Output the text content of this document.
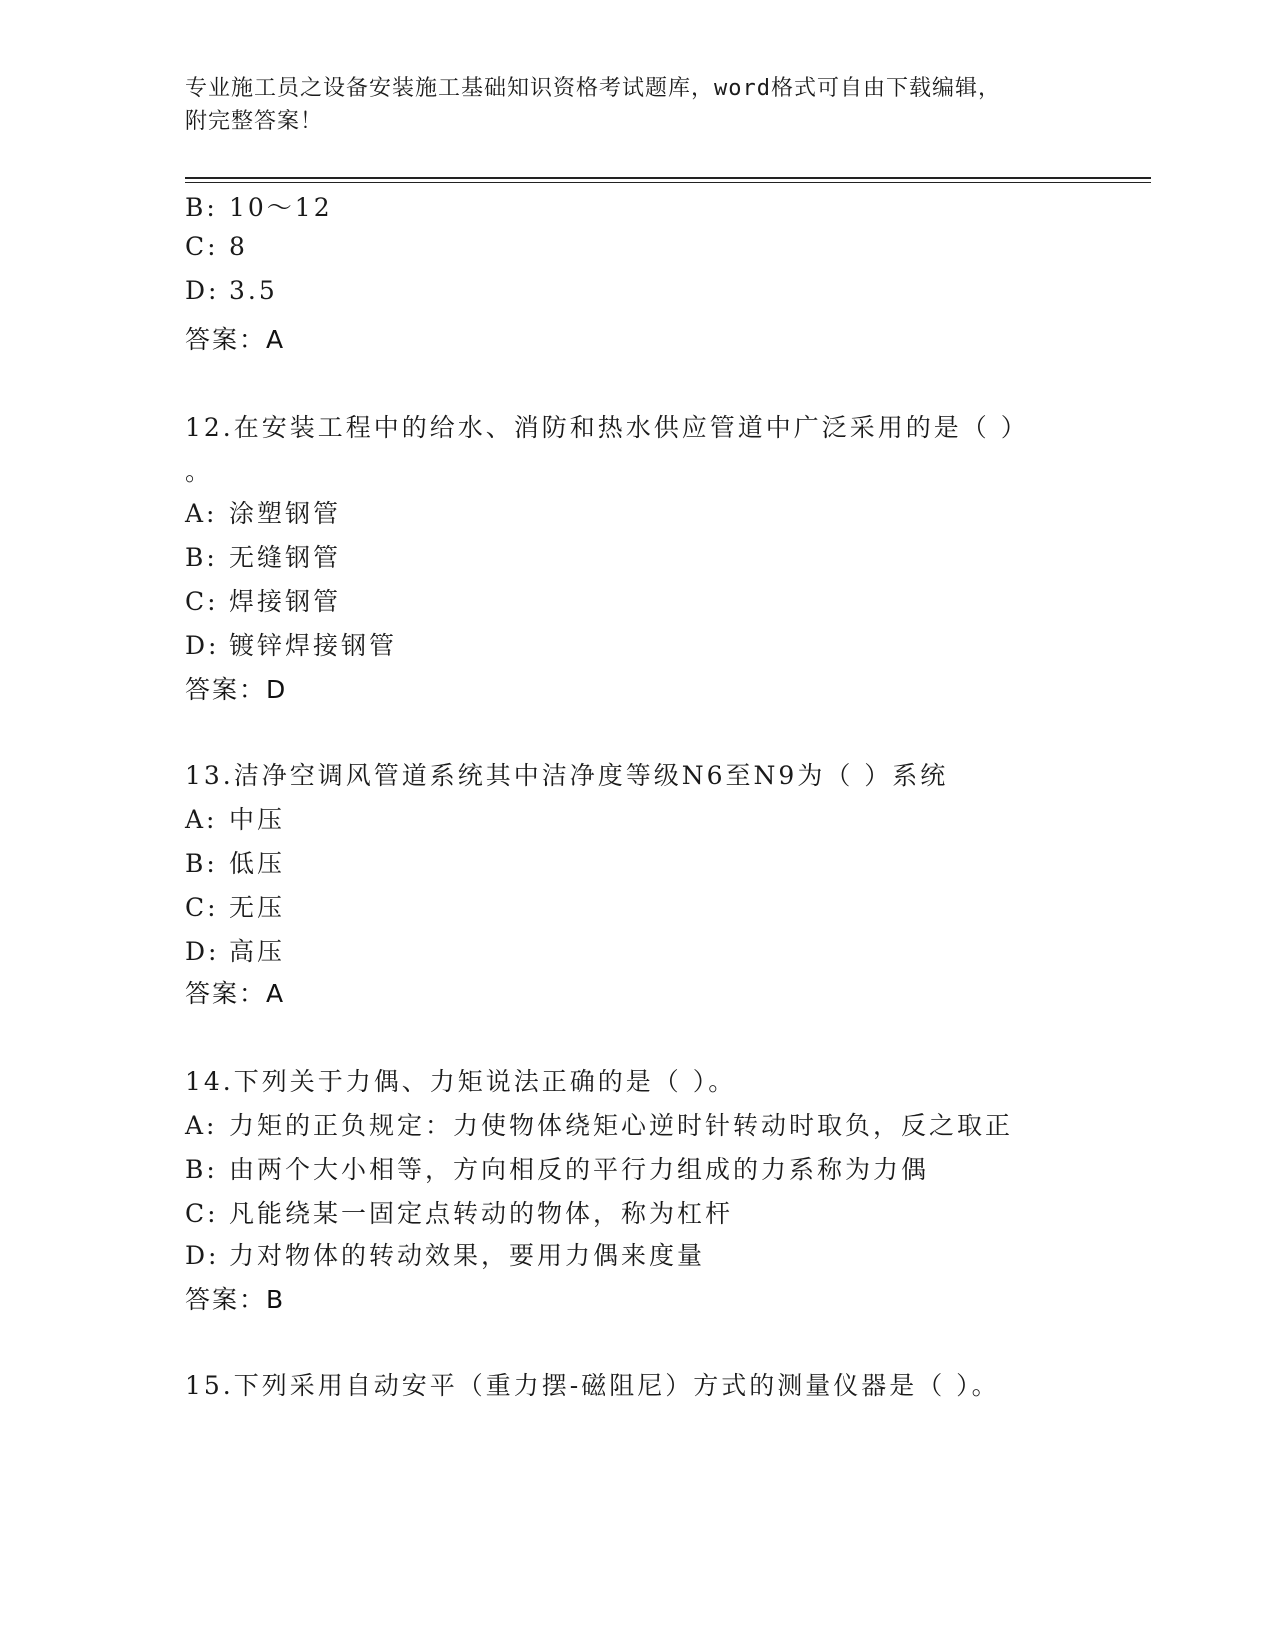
专业施工员之设备安装施工基础知识资格考试题库，word格式可自由下载编辑，
附完整答案！
B: 10～12
C: 8
D: 3.5
答案：A
12.在安装工程中的给水、消防和热水供应管道中广泛采用的是（ ）
。
A: 涂塑钢管
B: 无缝钢管
C: 焊接钢管
D: 镀锌焊接钢管
答案：D
13.洁净空调风管道系统其中洁净度等级N6至N9为（ ）系统
A: 中压
B: 低压
C: 无压
D: 高压
答案：A
14.下列关于力偶、力矩说法正确的是（ ）。
A: 力矩的正负规定：力使物体绕矩心逆时针转动时取负，反之取正
B: 由两个大小相等，方向相反的平行力组成的力系称为力偶
C: 凡能绕某一固定点转动的物体，称为杠杆
D: 力对物体的转动效果，要用力偶来度量
答案：B
15.下列采用自动安平（重力摆-磁阻尼）方式的测量仪器是（ ）。
